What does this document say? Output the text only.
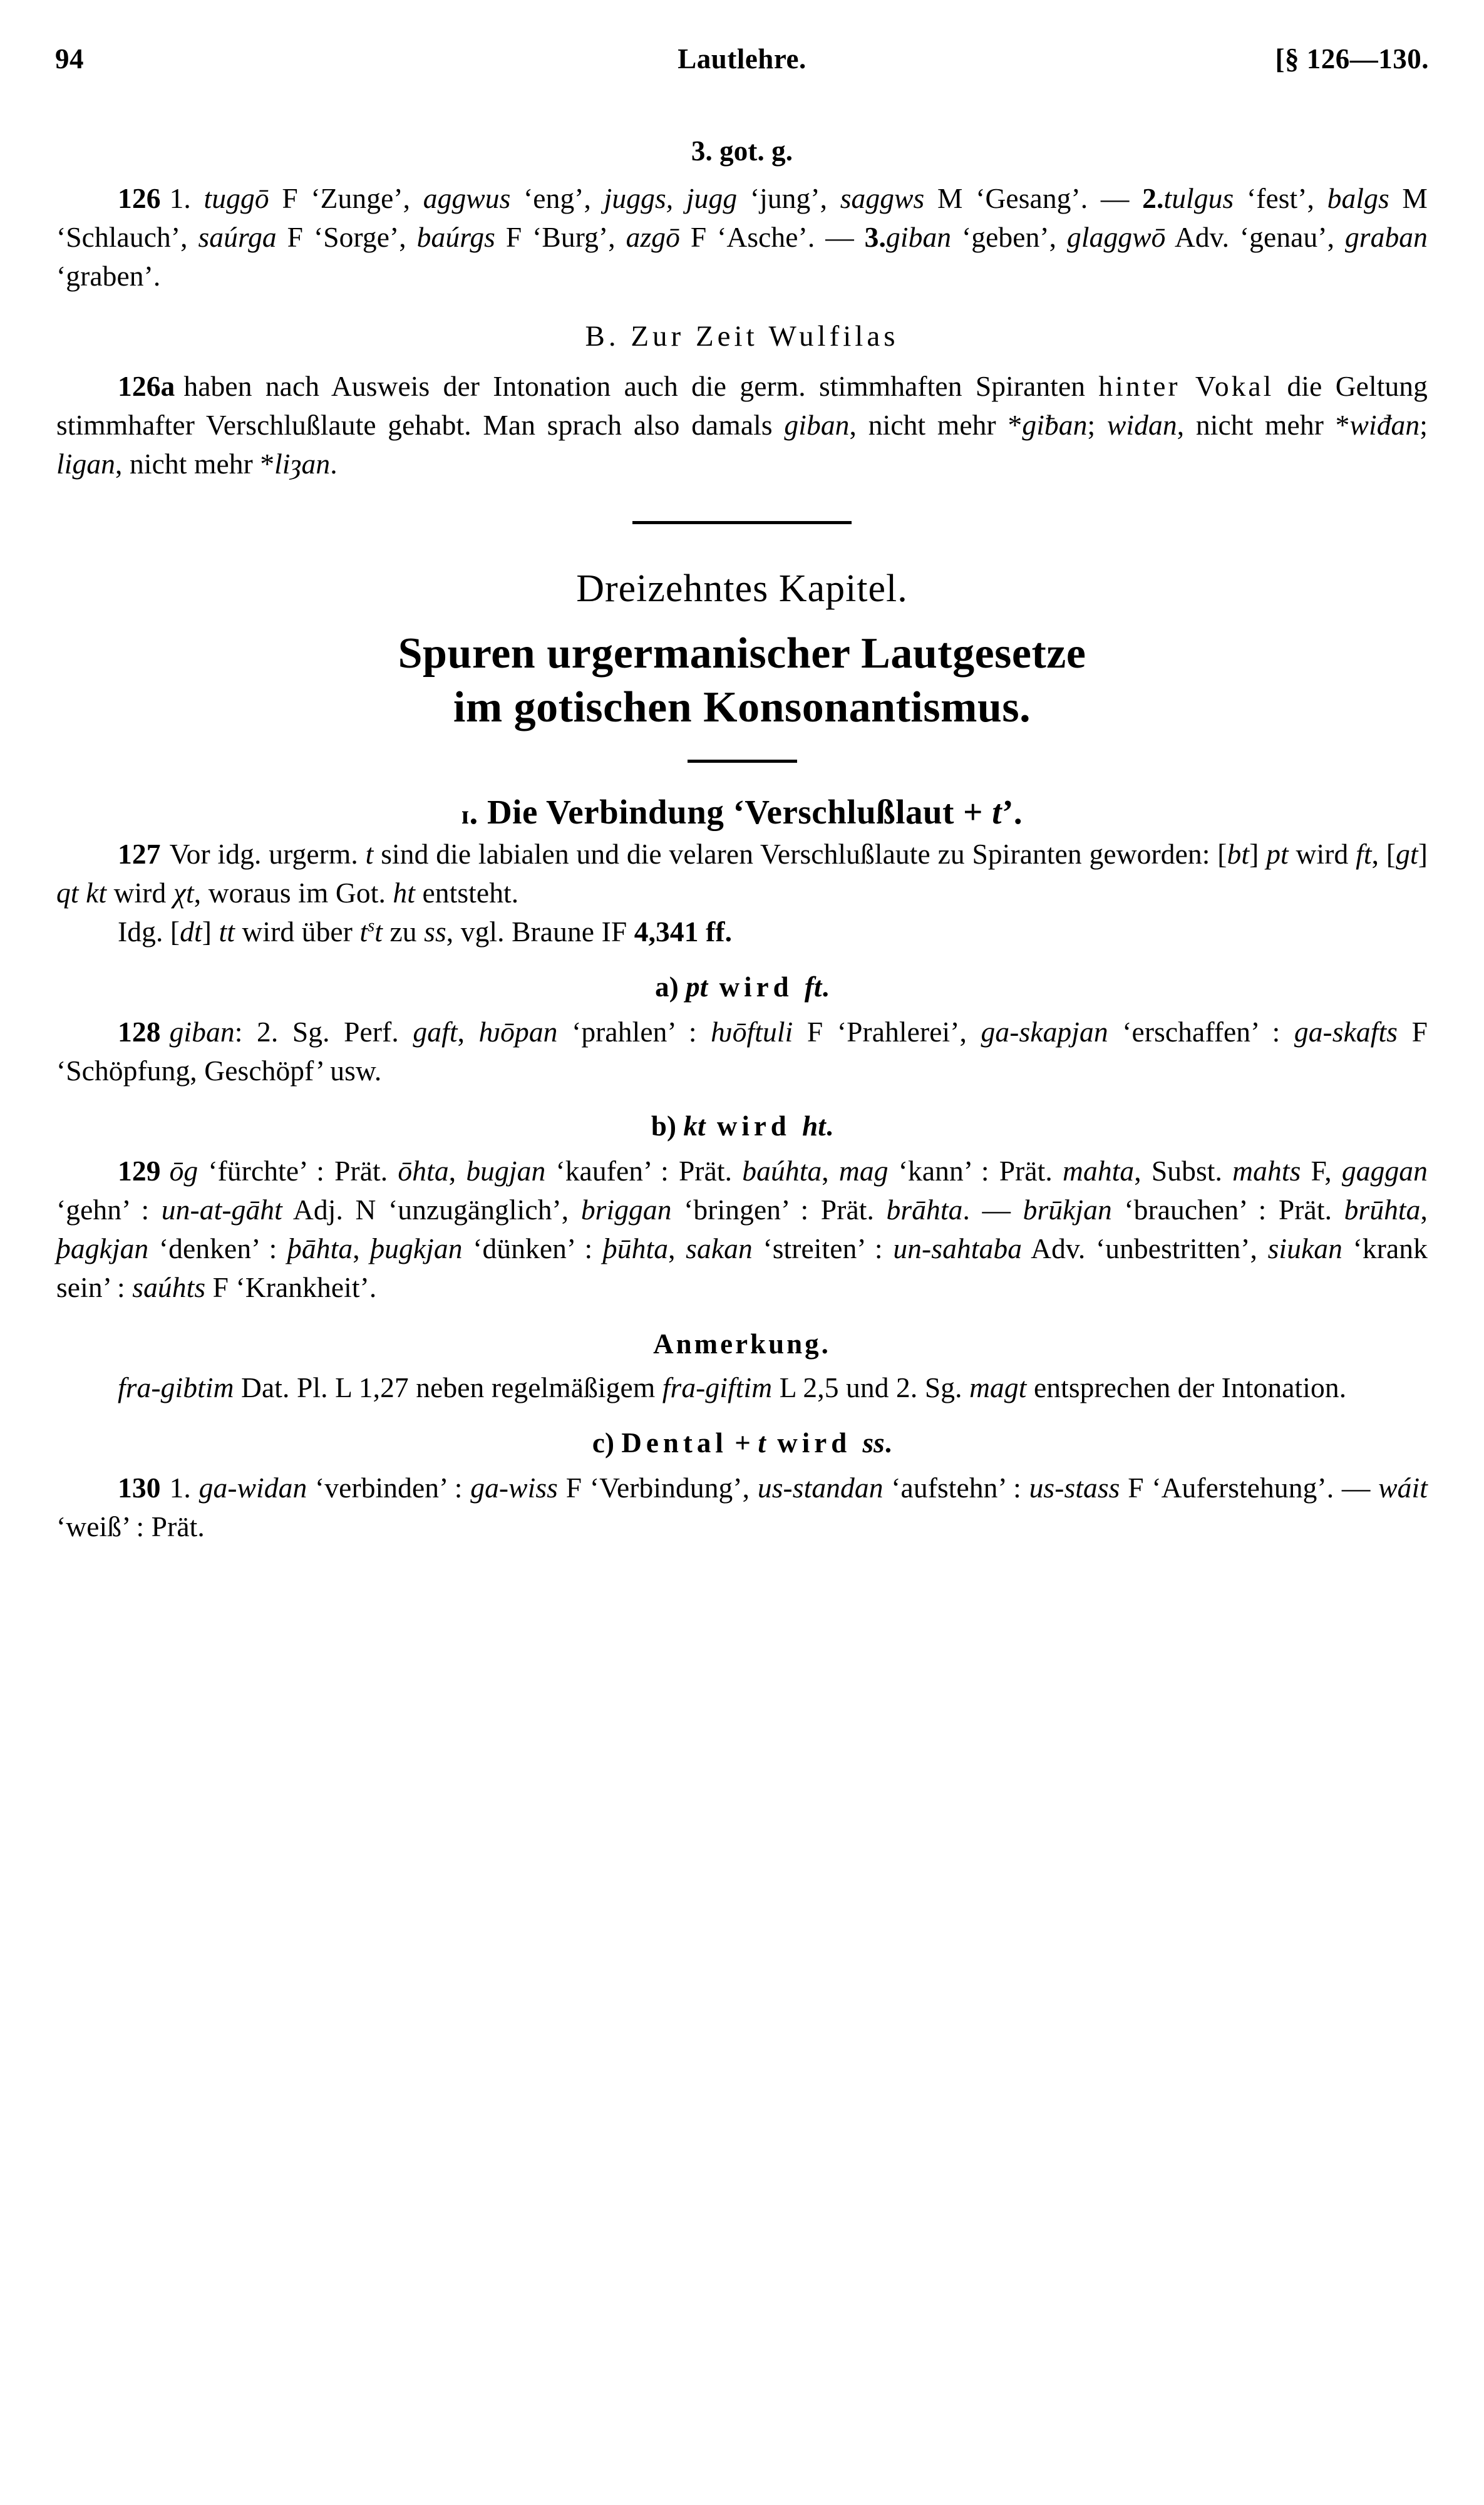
94	Lautlehre.	[§ 126—130.
3. got. g.

126 1. tuggō F ‘Zunge’, aggwus ‘eng’, juggs, jugg ‘jung’, saggws M ‘Gesang’. — 2.tulgus ‘fest’, balgs M ‘Schlauch’, saúrga F ‘Sorge’, baúrgs F ‘Burg’, azgō F ‘Asche’. — 3.giban ‘geben’, glaggwō Adv. ‘genau’, graban ‘graben’.

B. Zur Zeit Wulfilas

126a haben nach Ausweis der Intonation auch die germ. stimmhaften Spiranten hinter Vokal die Geltung stimmhafter Verschlußlaute gehabt. Man sprach also damals giban, nicht mehr *giƀan; widan, nicht mehr *wiđan; ligan, nicht mehr *liȝan.

Dreizehntes Kapitel.
Spuren urgermanischer Lautgesetze
im gotischen Konsonantismus.
ɪ. Die Verbindung ‘Verschlußlaut + t’.

127 Vor idg. urgerm. t sind die labialen und die velaren Verschlußlaute zu Spiranten geworden: [bt] pt wird ft, [gt] qt kt wird χt, woraus im Got. ht entsteht.

Idg. [dt] tt wird über $t^st$ zu ss, vgl. Braune IF 4,341 ff.

a) pt wird ft.

128 giban: 2. Sg. Perf. gaft, ƕōpan ‘prahlen’ : ƕōftuli F ‘Prahlerei’, ga-skapjan ‘erschaffen’ : ga-skafts F ‘Schöpfung, Geschöpf’ usw.

b) kt wird ht.

129 ōg ‘fürchte’ : Prät. ōhta, bugjan ‘kaufen’ : Prät. baúhta, mag ‘kann’ : Prät. mahta, Subst. mahts F, gaggan ‘gehn’ : un-at-gāht Adj. N ‘unzugänglich’, briggan ‘bringen’ : Prät. brāhta. — brūkjan ‘brauchen’ : Prät. brūhta, þagkjan ‘denken’ : þāhta, þugkjan ‘dünken’ : þūhta, sakan ‘streiten’ : un-sahtaba Adv. ‘unbestritten’, siukan ‘krank sein’ : saúhts F ‘Krankheit’.

Anmerkung.

fra-gibtim Dat. Pl. L 1,27 neben regelmäßigem fra-giftim L 2,5 und 2. Sg. magt entsprechen der Intonation.

c) Dental + t wird ss.

130 1. ga-widan ‘verbinden’ : ga-wiss F ‘Verbindung’, us-standan ‘aufstehn’ : us-stass F ‘Auferstehung’. — wáit ‘weiß’ : Prät.
